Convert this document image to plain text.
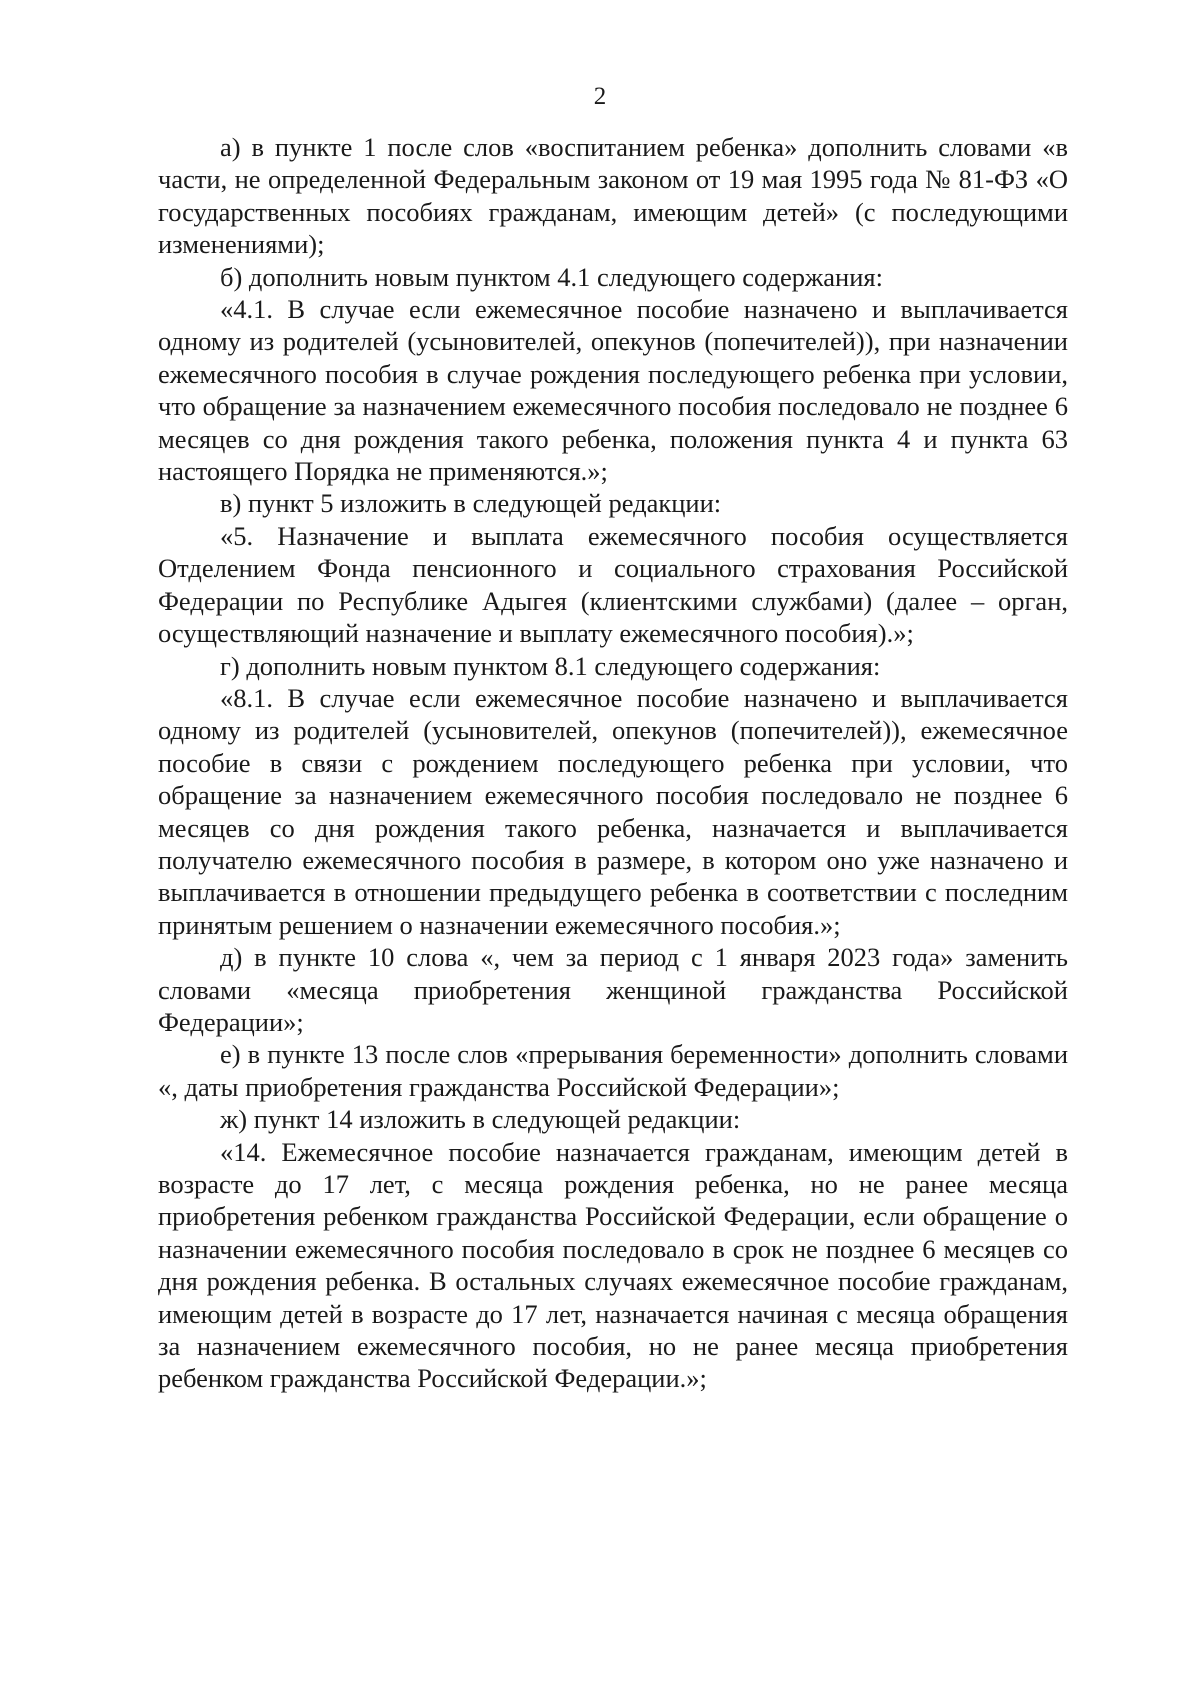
2

а) в пункте 1 после слов «воспитанием ребенка» дополнить словами «в части, не определенной Федеральным законом от 19 мая 1995 года № 81-ФЗ «О государственных пособиях гражданам, имеющим детей» (с последующими изменениями);

б) дополнить новым пунктом 4.1 следующего содержания:

«4.1. В случае если ежемесячное пособие назначено и выплачивается одному из родителей (усыновителей, опекунов (попечителей)), при назначении ежемесячного пособия в случае рождения последующего ребенка при условии, что обращение за назначением ежемесячного пособия последовало не позднее 6 месяцев со дня рождения такого ребенка, положения пункта 4 и пункта 63 настоящего Порядка не применяются.»;

в) пункт 5 изложить в следующей редакции:

«5. Назначение и выплата ежемесячного пособия осуществляется Отделением Фонда пенсионного и социального страхования Российской Федерации по Республике Адыгея (клиентскими службами) (далее – орган, осуществляющий назначение и выплату ежемесячного пособия).»;

г) дополнить новым пунктом 8.1 следующего содержания:

«8.1. В случае если ежемесячное пособие назначено и выплачивается одному из родителей (усыновителей, опекунов (попечителей)), ежемесячное пособие в связи с рождением последующего ребенка при условии, что обращение за назначением ежемесячного пособия последовало не позднее 6 месяцев со дня рождения такого ребенка, назначается и выплачивается получателю ежемесячного пособия в размере, в котором оно уже назначено и выплачивается в отношении предыдущего ребенка в соответствии с последним принятым решением о назначении ежемесячного пособия.»;

д) в пункте 10 слова «, чем за период с 1 января 2023 года» заменить словами «месяца приобретения женщиной гражданства Российской Федерации»;

е) в пункте 13 после слов «прерывания беременности» дополнить словами «, даты приобретения гражданства Российской Федерации»;

ж) пункт 14 изложить в следующей редакции:

«14. Ежемесячное пособие назначается гражданам, имеющим детей в возрасте до 17 лет, с месяца рождения ребенка, но не ранее месяца приобретения ребенком гражданства Российской Федерации, если обращение о назначении ежемесячного пособия последовало в срок не позднее 6 месяцев со дня рождения ребенка. В остальных случаях ежемесячное пособие гражданам, имеющим детей в возрасте до 17 лет, назначается начиная с месяца обращения за назначением ежемесячного пособия, но не ранее месяца приобретения ребенком гражданства Российской Федерации.»;
